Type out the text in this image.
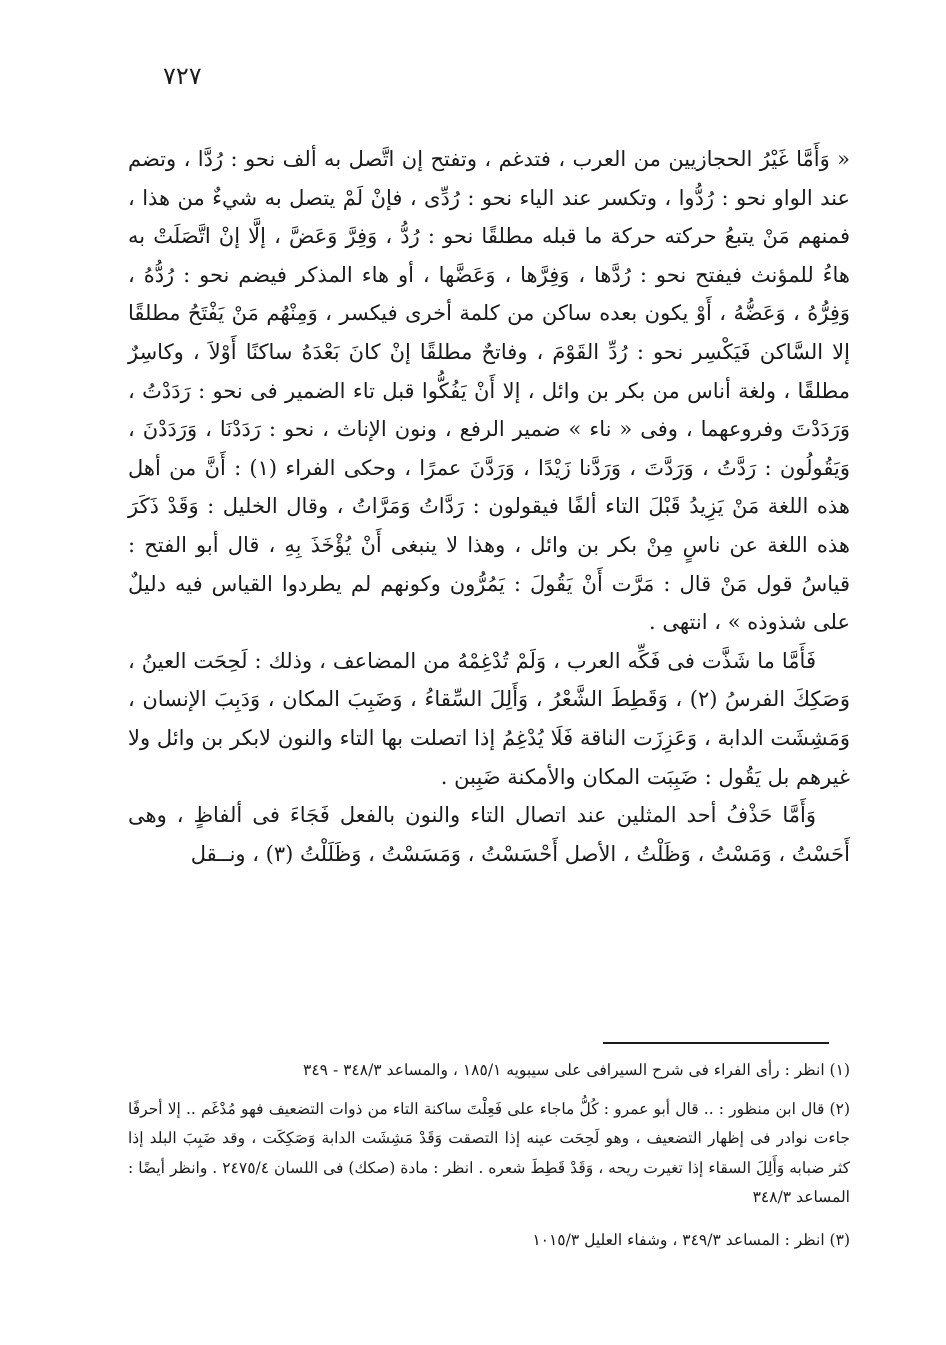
٧٢٧

« وَأَمَّا غَيْرُ الحجازيين من العرب ، فتدغم ، وتفتح إن اتَّصل به ألف نحو : رُدَّا ، وتضم عند الواو نحو : رُدُّوا ، وتكسر عند الياء نحو : رُدِّى ، فإنْ لَمْ يتصل به شيءٌ من هذا ، فمنهم مَنْ يتبعُ حركته حركة ما قبله مطلقًا نحو : رُدُّ ، وَفِرَّ وَعَضَّ ، إلَّا إنْ اتَّصَلَتْ به هاءُ للمؤنث فيفتح نحو : رُدَّها ، وَفِرَّها ، وَعَضَّها ، أو هاء المذكر فيضم نحو : رُدُّهُ ، وَفِرُّهُ ، وَعَضُّهُ ، أَوْ يكون بعده ساكن من كلمة أخرى فيكسر ، وَمِنْهُم مَنْ يَفْتَحُ مطلقًا إلا السَّاكن فَيَكْسِر نحو : رُدِّ القَوْمَ ، وفاتحٌ مطلقًا إنْ كانَ بَعْدَهُ ساكنًا أَوْلاَ ، وكاسِرٌ مطلقًا ، ولغة أناس من بكر بن وائل ، إلا أَنْ يَفُكُّوا قبل تاء الضمير فى نحو : رَدَدْتُ ، وَرَدَدْتَ وفروعهما ، وفى « ناء » ضمير الرفع ، ونون الإناث ، نحو : رَدَدْنَا ، وَرَدَدْنَ ، وَيَقُولُون : رَدَّتُ ، وَرَدَّتَ ، وَرَدَّنا زَيْدًا ، وَرَدَّنَ عمرًا ، وحكى الفراء (١) : أَنَّ من أهل هذه اللغة مَنْ يَزِيدُ قَبْلَ التاء ألفًا فيقولون : رَدَّاتُ وَمَرَّاتُ ، وقال الخليل : وَقَدْ ذَكَرَ هذه اللغة عن ناسٍ مِنْ بكر بن وائل ، وهذا لا ينبغى أَنْ يُؤْخَذَ بِهِ ، قال أبو الفتح : قياسُ قول مَنْ قال : مَرَّت أَنْ يَقُولَ : يَمُرُّون وكونهم لم يطردوا القياس فيه دليلٌ على شذوذه » ، انتهى .

فَأَمَّا ما شَذَّت فى فَكِّه العرب ، وَلَمْ تُدْغِمْهُ من المضاعف ، وذلك : لَحِحَت العينُ ، وَصَكِكَ الفرسُ (٢) ، وَقَطِطَ الشَّعْرُ ، وَأَلِلَ السِّقاءُ ، وَضَبِبَ المكان ، وَدَبِبَ الإنسان ، وَمَشِشَت الدابة ، وَعَزِزَت الناقة فَلَا يُدْغِمُ إذا اتصلت بها التاء والنون لابكر بن وائل ولا غيرهم بل يَقُول : ضَبِبَت المكان والأمكنة ضَبِبن .

وَأَمَّا حَذْفُ أحد المثلين عند اتصال التاء والنون بالفعل فَجَاءَ فى ألفاظٍ ، وهى أَحَسْتُ ، وَمَسْتُ ، وَظَلْتُ ، الأصل أَحْسَسْتُ ، وَمَسَسْتُ ، وَظَلَلْتُ (٣) ، ونــقل

(١) انظر : رأى الفراء فى شرح السيرافى على سيبويه ١٨٥/١ ، والمساعد ٣٤٨/٣ - ٣٤٩

(٢) قال ابن منظور : .. قال أبو عمرو : كُلُّ ماجاء على فَعِلْتَ ساكنة التاء من ذوات التضعيف فهو مُدْغَم .. إلا أحرفًا جاءت نوادر فى إظهار التضعيف ، وهو لَحِحَت عينه إذا التصقت وَقَدْ مَشِشَت الدابة وَصَكِكَت ، وقد ضَبِبَ البلد إذا كثر ضبابه وَأَلِلَ السقاء إذا تغيرت ريحه ، وَقَدْ قَطِطَ شعره . انظر : مادة (صكك) فى اللسان ٢٤٧٥/٤ . وانظر أيضًا : المساعد ٣٤٨/٣

(٣) انظر : المساعد ٣٤٩/٣ ، وشفاء العليل ١٠١٥/٣
